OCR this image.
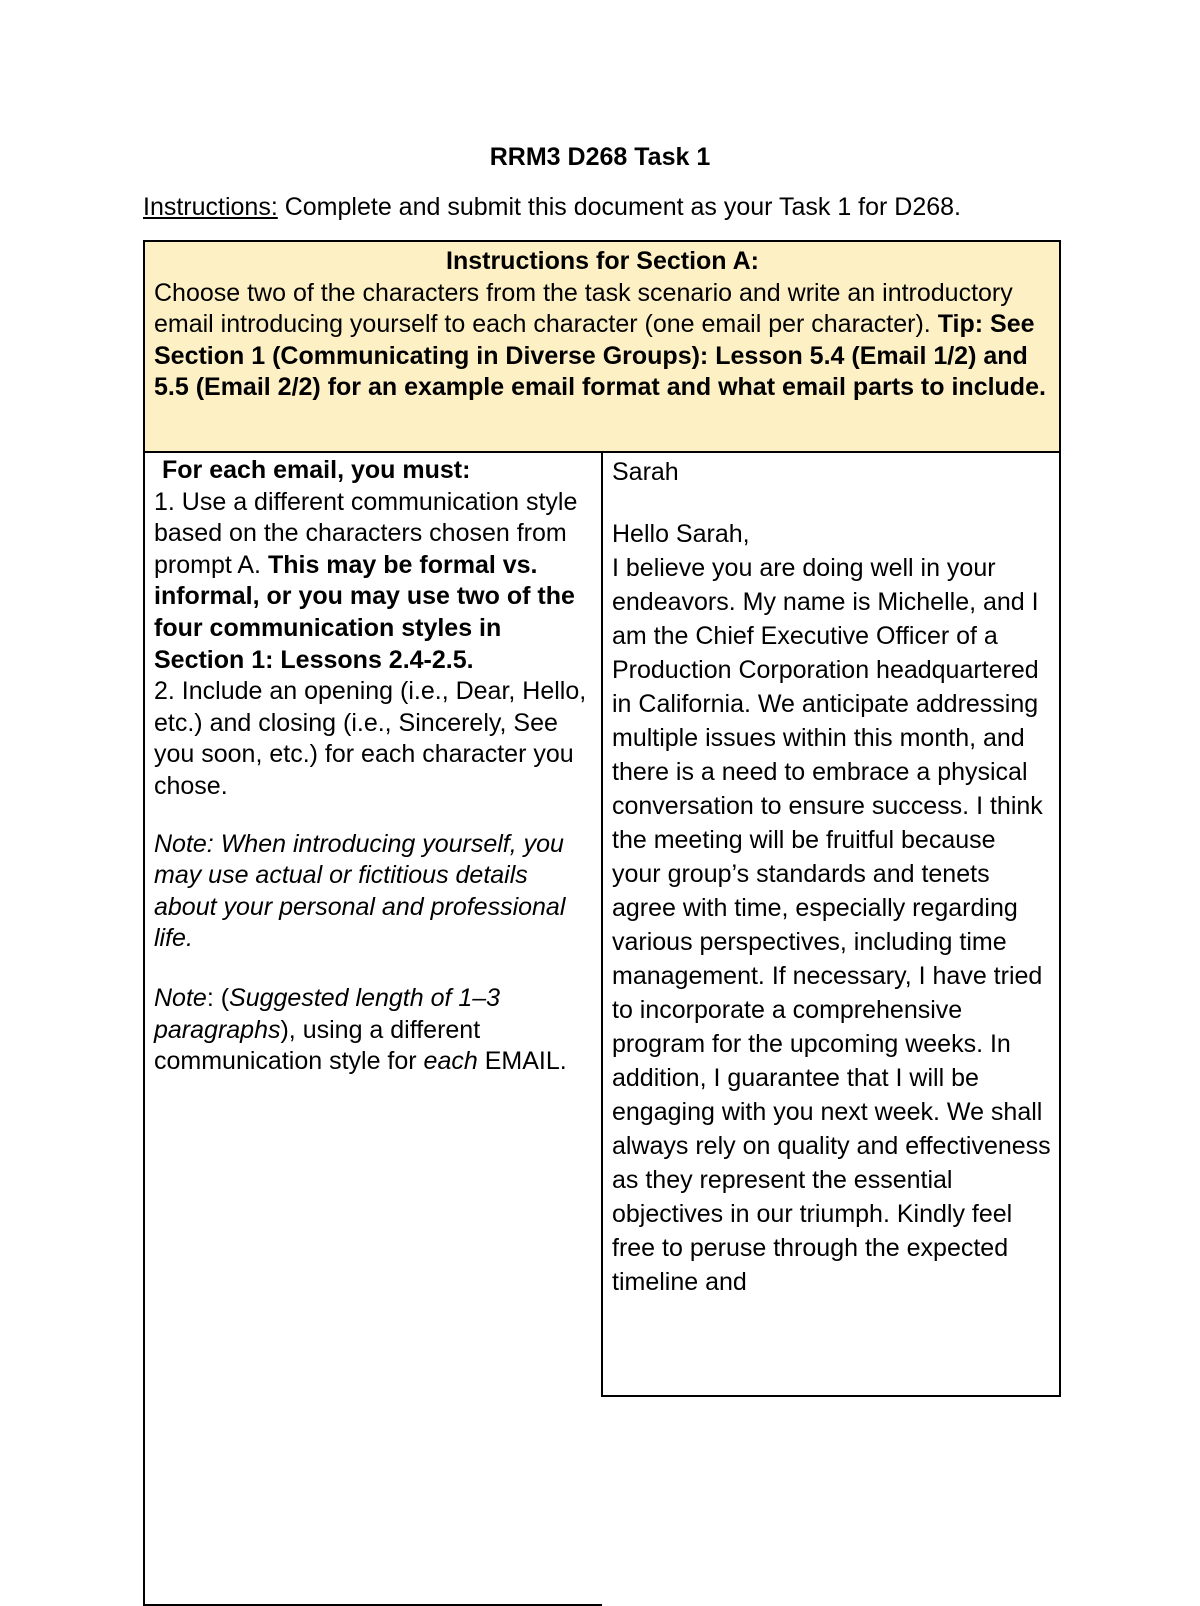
RRM3 D268 Task 1
Instructions: Complete and submit this document as your Task 1 for D268.
Instructions for Section A:
Choose two of the characters from the task scenario and write an introductory email introducing yourself to each character (one email per character). Tip: See Section 1 (Communicating in Diverse Groups): Lesson 5.4 (Email 1/2) and 5.5 (Email 2/2) for an example email format and what email parts to include.
For each email, you must:
1. Use a different communication style based on the characters chosen from prompt A. This may be formal vs. informal, or you may use two of the four communication styles in Section 1: Lessons 2.4-2.5.
2. Include an opening (i.e., Dear, Hello, etc.) and closing (i.e., Sincerely, See you soon, etc.) for each character you chose.
Note: When introducing yourself, you may use actual or fictitious details about your personal and professional life.
Note: (Suggested length of 1–3 paragraphs), using a different communication style for each EMAIL.
Sarah
Hello Sarah,
I believe you are doing well in your endeavors. My name is Michelle, and I am the Chief Executive Officer of a Production Corporation headquartered in California. We anticipate addressing multiple issues within this month, and there is a need to embrace a physical conversation to ensure success. I think the meeting will be fruitful because your group’s standards and tenets agree with time, especially regarding various perspectives, including time management. If necessary, I have tried to incorporate a comprehensive program for the upcoming weeks. In addition, I guarantee that I will be engaging with you next week. We shall always rely on quality and effectiveness as they represent the essential objectives in our triumph. Kindly feel free to peruse through the expected timeline and
